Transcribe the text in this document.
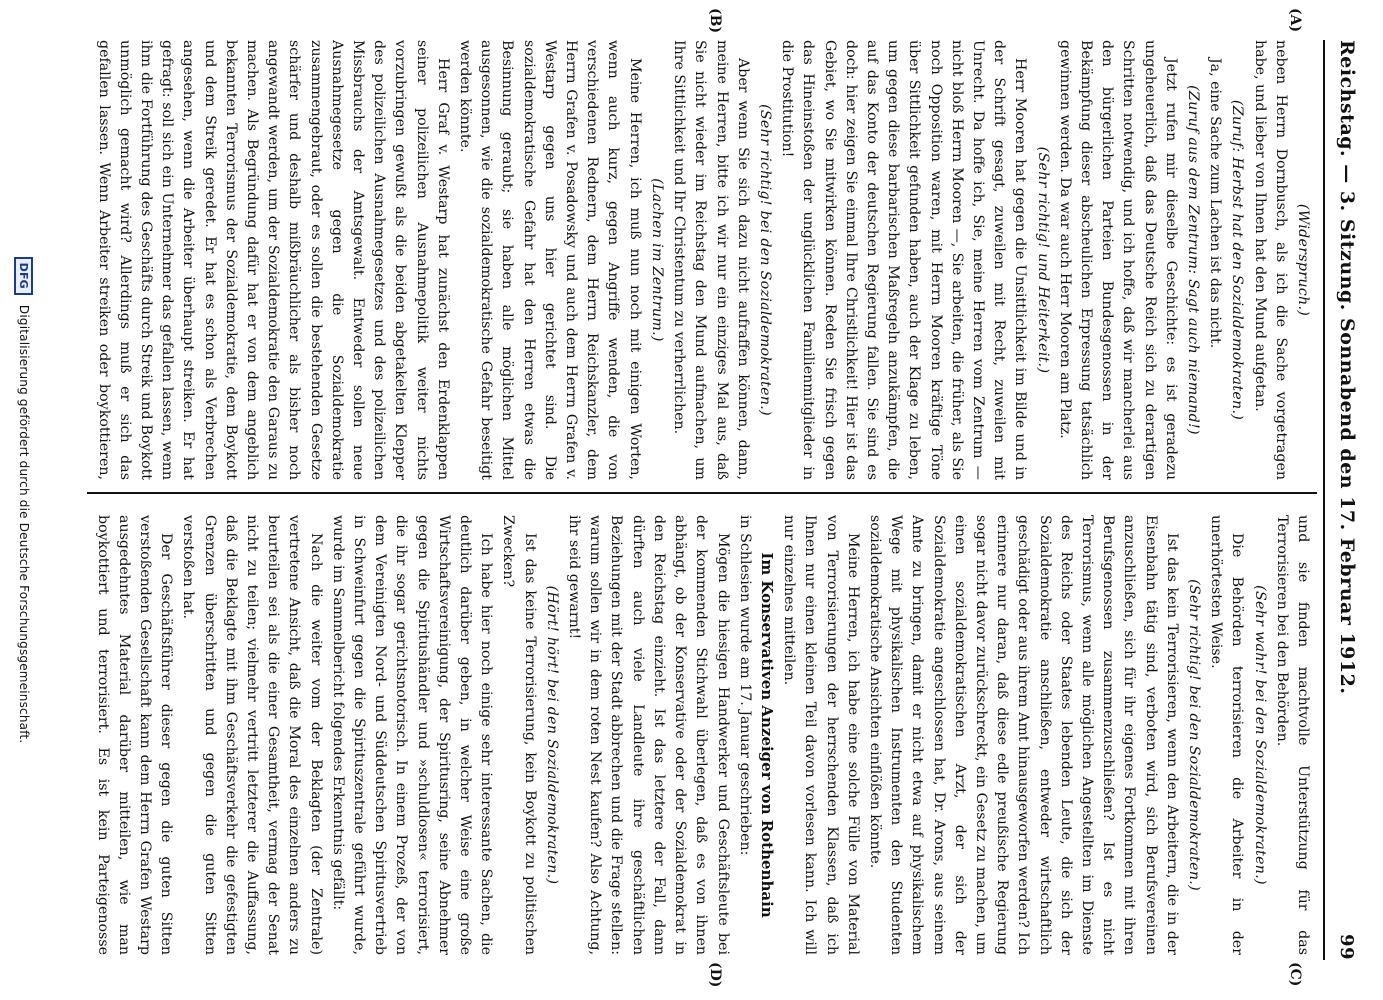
Reichstag. — 3. Sitzung. Sonnabend den 17. Februar 1912.
99
(A)
(B)
(C)
(D)

(Widerspruch.)

neben Herrn Dornbusch, als ich die Sache vorgetragen habe, und lieber von Ihnen hat den Mund aufgetan.

(Zuruf: Herbst hat den Sozialdemokraten.)

Ja, eine Sache zum Lachen ist das nicht.

(Zuruf aus dem Zentrum: Sagt auch niemand!)

Jetzt rufen mir dieselbe Geschichte: es ist geradezu ungeheuerlich, daß das Deutsche Reich sich zu derartigen Schritten notwendig, und ich hoffe, daß wir mancherlei aus den bürgerlichen Parteien Bundesgenossen in der Bekämpfung dieser abscheulichen Erpressung tatsächlich gewinnen werden. Da war auch Herr Mooren am Platz.

(Sehr richtig! und Heiterkeit.)

Herr Mooren hat gegen die Unsittlichkeit im Bilde und in der Schrift gesagt, zuweilen mit Recht, zuweilen mit Unrecht. Da hoffe ich, Sie, meine Herren vom Zentrum — nicht bloß Herrn Mooren —, Sie arbeiten, die früher, als Sie noch Opposition waren, mit Herrn Mooren kräftige Töne über Sittlichkeit gefunden haben, auch der Klage zu leben, um gegen diese barbarischen Maßregeln anzukämpfen, die auf das Konto der deutschen Regierung fallen. Sie sind es doch: hier zeigen Sie einmal Ihre Christlichkeit! Hier ist das Gebiet, wo Sie mitwirken können. Reden Sie frisch gegen das Hineinstoßen der unglücklichen Familienmitglieder in die Prostitution!

(Sehr richtig! bei den Sozialdemokraten.)

Aber wenn Sie sich dazu nicht aufraffen können, dann, meine Herren, bitte ich wir nur ein einziges Mal aus, daß Sie nicht wieder im Reichstag den Mund aufmachen, um Ihre Sittlichkeit und Ihr Christentum zu verherrlichen.

(Lachen im Zentrum.)

Meine Herren, ich muß nun noch mit einigen Worten, wenn auch kurz, gegen Angriffe wenden, die von verschiedenen Rednern, dem Herrn Reichskanzler, dem Herrn Grafen v. Posadowsky und auch dem Herrn Grafen v. Westarp gegen uns hier gerichtet sind. Die sozialdemokratische Gefahr hat den Herren etwas die Besinnung geraubt; sie haben alle möglichen Mittel ausgesonnen, wie die sozialdemokratische Gefahr beseitigt werden könnte.

Herr Graf v. Westarp hat zunächst den Erdenklappen seiner polizeilichen Ausnahmepolitik weiter nichts vorzubringen gewußt als die beiden abgetakelten Klepper des polizeilichen Ausnahmegesetzes und des polizeilichen Missbrauchs der Amtsgewalt. Entweder sollen neue Ausnahmegesetze gegen die Sozialdemokratie zusammengebraut, oder es sollen die bestehenden Gesetze schärfer und deshalb mißbräuchlicher als bisher noch angewandt werden, um der Sozialdemokratie den Garaus zu machen. Als Begründung dafür hat er von dem angeblich bekannten Terrorismus der Sozialdemokratie, dem Boykott und dem Streik geredet. Er hat es schon als Verbrechen angesehen, wenn die Arbeiter überhaupt streiken. Er hat gefragt: soll sich ein Unternehmer das gefallen lassen, wenn ihm die Fortführung des Geschäfts durch Streik und Boykott unmöglich gemacht wird? Allerdings muß er sich das gefallen lassen. Wenn Arbeiter streiken oder boykottieren,

und sie finden machtvolle Unterstützung für das Terrorisieren bei den Behörden.

(Sehr wahr! bei den Sozialdemokraten.)

Die Behörden terrorisieren die Arbeiter in der unerhörtesten Weise.

(Sehr richtig! bei den Sozialdemokraten.)

Ist das kein Terrorisieren, wenn den Arbeitern, die in der Eisenbahn tätig sind, verboten wird, sich Berufsvereinen anzuschließen, sich für ihr eigenes Fortkommen mit ihren Berufsgenossen zusammenzuschließen? Ist es nicht Terrorismus, wenn alle möglichen Angestellten im Dienste des Reichs oder Staates lebenden Leute, die sich der Sozialdemokratie anschließen, entweder wirtschaftlich geschädigt oder aus ihrem Amt hinausgeworfen werden? Ich erinnere nur daran, daß diese edle preußische Regierung sogar nicht davor zurückschreckt, ein Gesetz zu machen, um einen sozialdemokratischen Arzt, der sich der Sozialdemokratie angeschlossen hat, Dr. Arons, aus seinem Amte zu bringen, damit er nicht etwa auf physikalischem Wege mit physikalischen Instrumenten den Studenten sozialdemokratische Ansichten einflößen könnte.

Meine Herren, ich habe eine solche Fülle von Material von Terrorisierungen der herrschenden Klassen, daß ich Ihnen nur einen kleinen Teil davon vorlesen kann. Ich will nur einzelnes mitteilen.

Im Konservativen Anzeiger von Rothenhain

in Schlesien wurde am 17. Januar geschrieben:

Mögen die hiesigen Handwerker und Geschäftsleute bei der kommenden Stichwahl überlegen, daß es von ihnen abhängt, ob der Konservative oder der Sozialdemokrat in den Reichstag einzieht. Ist das letztere der Fall, dann dürften auch viele Landleute ihre geschäftlichen Beziehungen mit der Stadt abbrechen und die Frage stellen: warum sollen wir in dem roten Nest kaufen? Also Achtung, ihr seid gewarnt!

(Hört! hört! bei den Sozialdemokraten.)

Ist das keine Terrorisierung, kein Boykott zu politischen Zwecken?

Ich habe hier noch einige sehr interessante Sachen, die deutlich darüber geben, in welcher Weise eine große Wirtschaftsvereinigung, der Spiritusring, seine Abnehmer gegen die Spiritushändler und »schuldlosen« terrorisiert, die ihr sogar gerichtsnotorisch. In einem Prozeß, der von dem Vereinigten Nord- und Süddeutschen Spiritusvertrieb in Schweinfurt gegen die Spirituszentrale geführt wurde, wurde im Sammelbericht folgendes Erkenntnis gefällt:

Nach die weiter vom der Beklagten (der Zentrale) vertretene Ansicht, daß die Moral des einzelnen anders zu beurteilen sei als die einer Gesamtheit, vermag der Senat nicht zu teilen; vielmehr vertritt letzterer die Auffassung, daß die Beklagte mit ihm Geschäftsverkehr die gefestigten Grenzen überschritten und gegen die guten Sitten verstoßen hat.

Der Geschäftsführer dieser gegen die guten Sitten verstoßenden Gesellschaft kann dem Herrn Grafen Westarp ausgedehntes Material darüber mitteilen, wie man boykottiert und terrorisiert. Es ist kein Parteigenosse

DFG
Digitalisierung gefördert durch die Deutsche Forschungsgemeinschaft.
